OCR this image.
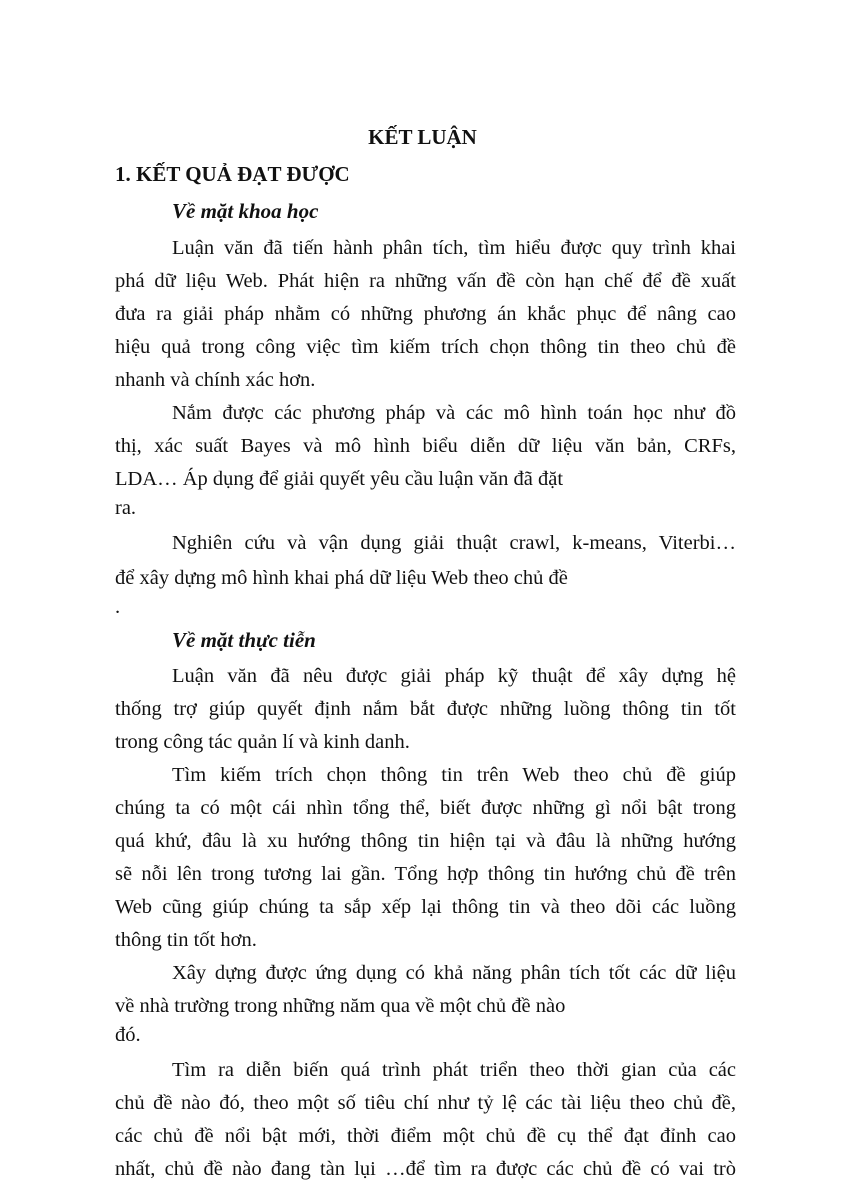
KẾT LUẬN
1. KẾT QUẢ ĐẠT ĐƯỢC
Về mặt khoa học
Luận văn đã tiến hành phân tích, tìm hiểu được quy trình khai
phá dữ liệu Web. Phát hiện ra những vấn đề còn hạn chế để đề xuất
đưa ra giải pháp nhằm có những phương án khắc phục để nâng cao
hiệu quả trong công việc tìm kiếm trích chọn thông tin theo chủ đề
nhanh và chính xác hơn.
Nắm được các phương pháp và các mô hình toán học như đồ
thị, xác suất Bayes và mô hình biểu diễn dữ liệu văn bản, CRFs,
LDA… Áp dụng để giải quyết yêu cầu luận văn đã đặt
ra.
Nghiên cứu và vận dụng giải thuật crawl, k-means, Viterbi…
để xây dựng mô hình khai phá dữ liệu Web theo chủ đề
.
Về mặt thực tiễn
Luận văn đã nêu được giải pháp kỹ thuật để xây dựng hệ
thống trợ giúp quyết định nắm bắt được những luồng thông tin tốt
trong công tác quản lí và kinh danh.
Tìm kiếm trích chọn thông tin trên Web theo chủ đề giúp
chúng ta có một cái nhìn tổng thể, biết được những gì nổi bật trong
quá khứ, đâu là xu hướng thông tin hiện tại và đâu là những hướng
sẽ nỗi lên trong tương lai gần. Tổng hợp thông tin hướng chủ đề trên
Web cũng giúp chúng ta sắp xếp lại thông tin và theo dõi các luồng
thông tin tốt hơn.
Xây dựng được ứng dụng có khả năng phân tích tốt các dữ liệu
về nhà trường trong những năm qua về một chủ đề nào
đó.
Tìm ra diễn biến quá trình phát triển theo thời gian của các
chủ đề nào đó, theo một số tiêu chí như tỷ lệ các tài liệu theo chủ đề,
các chủ đề nổi bật mới, thời điểm một chủ đề cụ thể đạt đỉnh cao
nhất, chủ đề nào đang tàn lụi …để tìm ra được các chủ đề có vai trò
